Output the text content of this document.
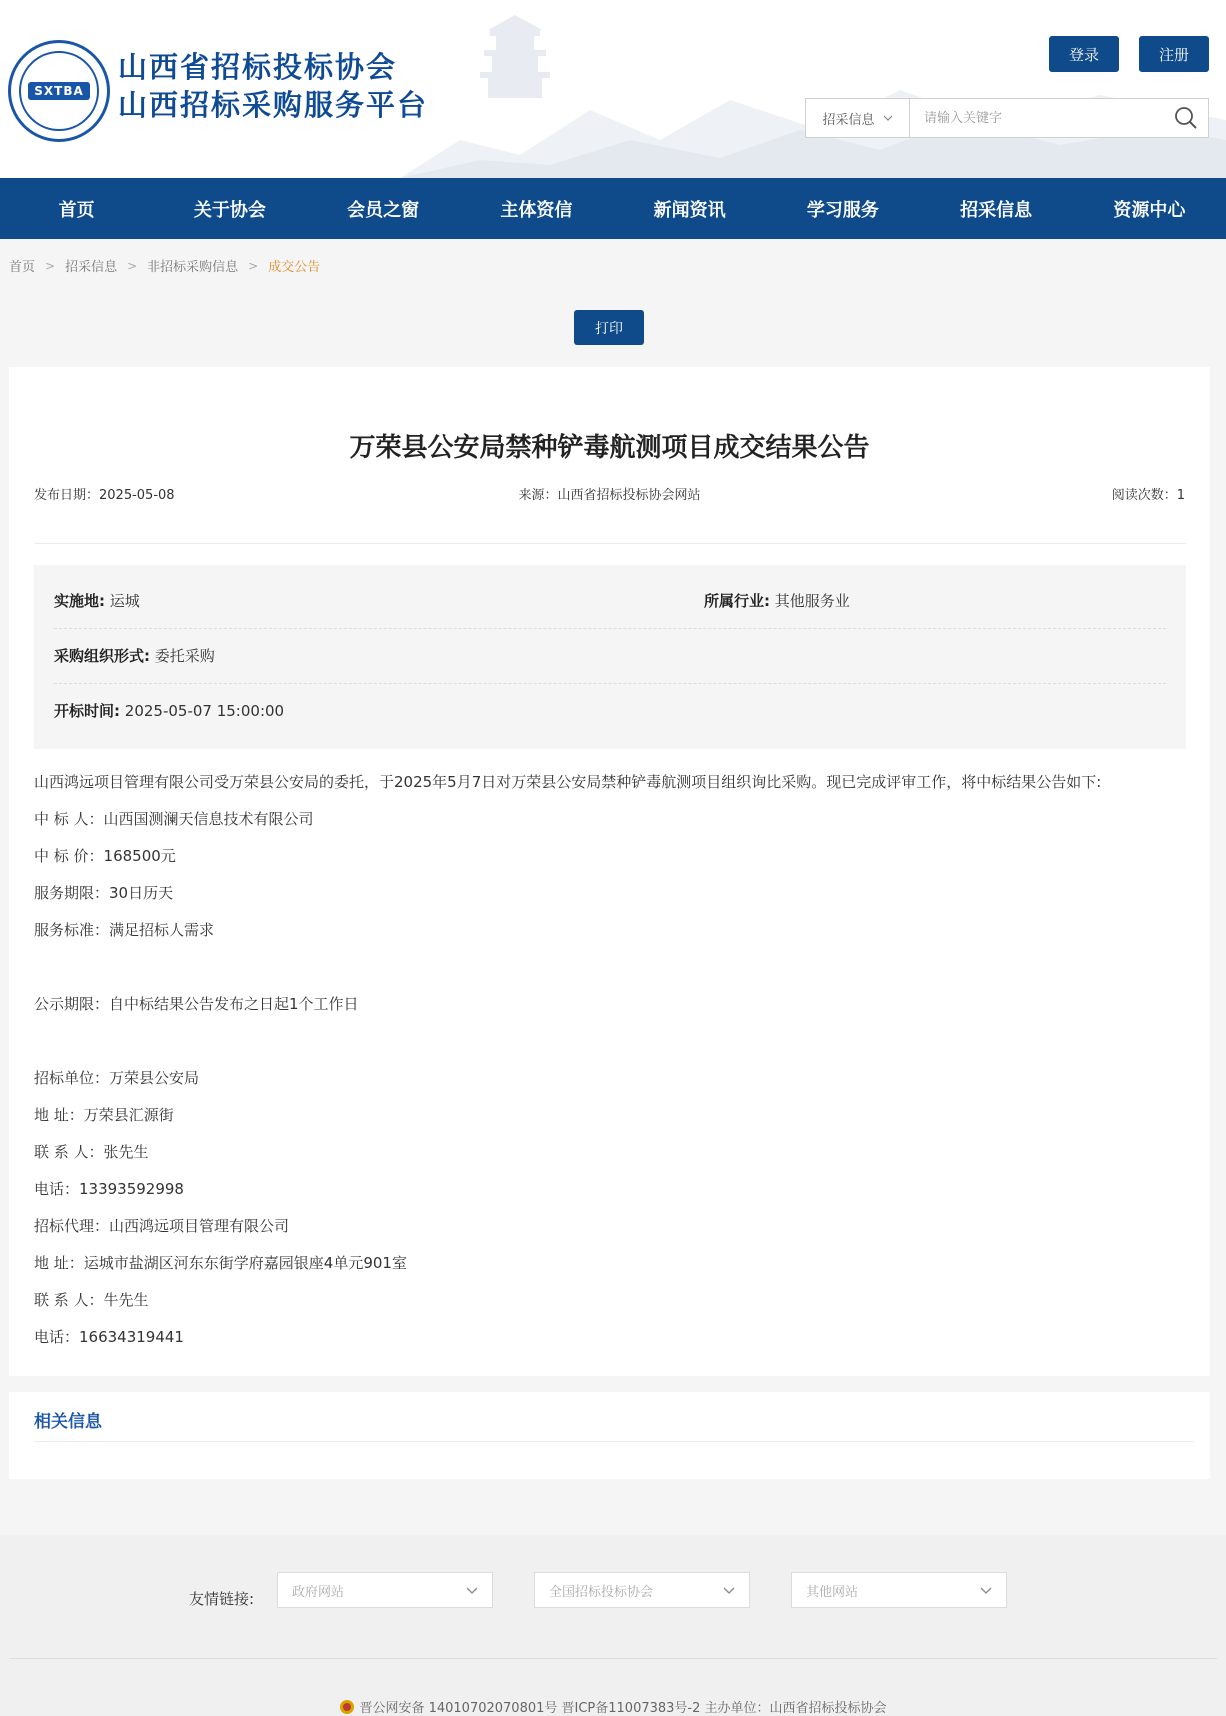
SXTBA
山西省招标投标协会
山西招标采购服务平台
登录	注册
招采信息
请输入关键字
首页	关于协会	会员之窗	主体资信	新闻资讯	学习服务	招采信息	资源中心
首页 > 招采信息 > 非招标采购信息 > 成交公告
打印
万荣县公安局禁种铲毒航测项目成交结果公告
发布日期：2025-05-08	来源：山西省招标投标协会网站	阅读次数：1
实施地: 运城	所属行业: 其他服务业
采购组织形式: 委托采购
开标时间: 2025-05-07 15:00:00
山西鸿远项目管理有限公司受万荣县公安局的委托，于2025年5月7日对万荣县公安局禁种铲毒航测项目组织询比采购。现已完成评审工作，将中标结果公告如下:
中 标 人：山西国测澜天信息技术有限公司
中 标 价：168500元
服务期限：30日历天
服务标准：满足招标人需求
公示期限：自中标结果公告发布之日起1个工作日
招标单位：万荣县公安局
地 址：万荣县汇源街
联 系 人：张先生
电话：13393592998
招标代理：山西鸿远项目管理有限公司
地 址：运城市盐湖区河东东街学府嘉园银座4单元901室
联 系 人：牛先生
电话：16634319441
相关信息
友情链接:	政府网站	全国招标投标协会	其他网站
晋公网安备 14010702070801号 晋ICP备11007383号-2 主办单位：山西省招标投标协会
